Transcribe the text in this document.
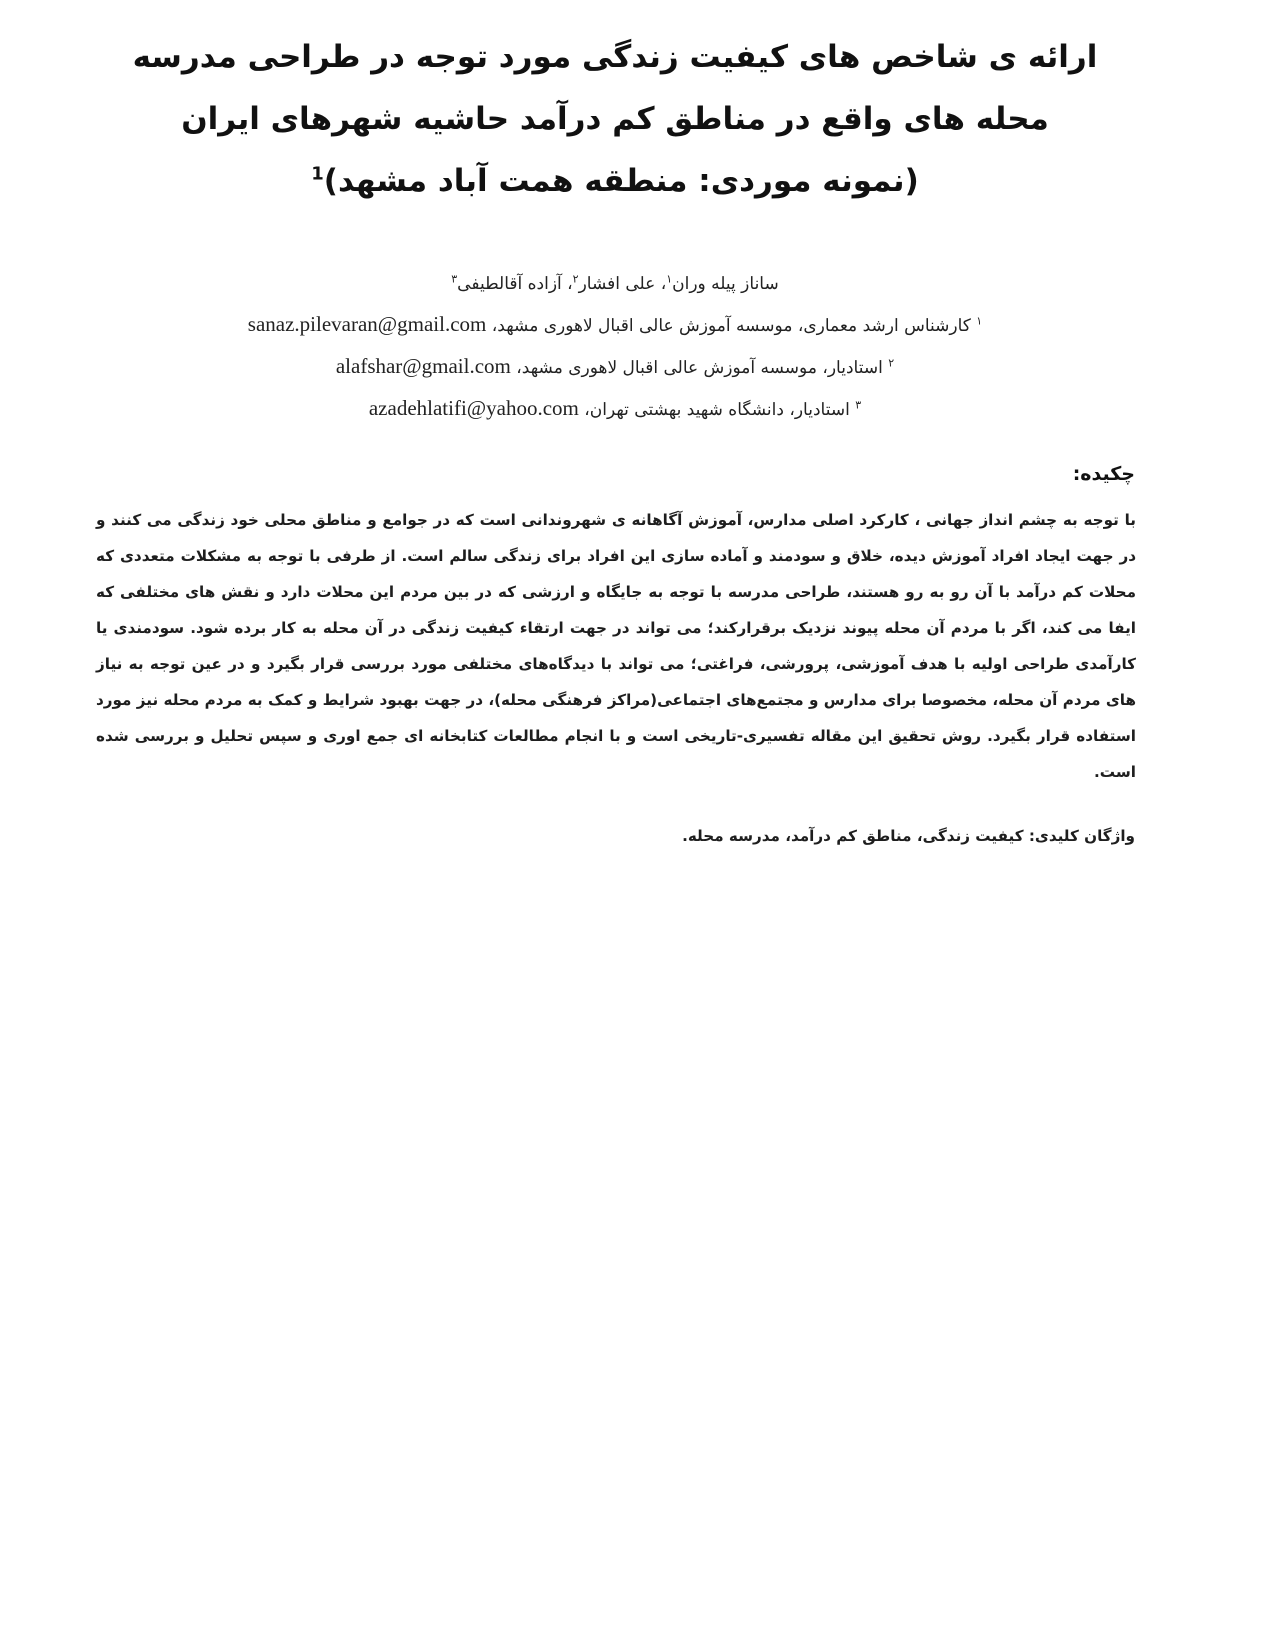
ارائه ی شاخص های کیفیت زندگی مورد توجه در طراحی مدرسه
محله های واقع در مناطق کم درآمد حاشیه شهرهای ایران
(نمونه موردی: منطقه همت آباد مشهد)$^1$
ساناز پیله وران$^۱$، علی افشار$^۲$، آزاده آقالطیفی$^۳$
$^۱$ کارشناس ارشد معماری، موسسه آموزش عالی اقبال لاهوری مشهد، sanaz.pilevaran@gmail.com
$^۲$ استادیار، موسسه آموزش عالی اقبال لاهوری مشهد، alafshar@gmail.com
$^۳$ استادیار، دانشگاه شهید بهشتی تهران، azadehlatifi@yahoo.com
چکیده:
با توجه به چشم انداز جهانی ، کارکرد اصلی مدارس، آموزش آگاهانه ی شهروندانی است که در جوامع و مناطق محلی خود زندگی می کنند و در جهت ایجاد افراد آموزش دیده، خلاق و سودمند و آماده سازی این افراد برای زندگی سالم است. از طرفی با توجه به مشکلات متعددی که محلات کم درآمد با آن رو به رو هستند، طراحی مدرسه با توجه به جایگاه و ارزشی که در بین مردم این محلات دارد و نقش های مختلفی که ایفا می کند، اگر با مردم آن محله پیوند نزدیک برقرارکند؛ می تواند در جهت ارتقاء کیفیت زندگی در آن محله به کار برده شود. سودمندی یا کارآمدی طراحی اولیه با هدف آموزشی، پرورشی، فراغتی؛ می تواند با دیدگاه‌های مختلفی مورد بررسی قرار بگیرد و در عین توجه به نیاز های مردم آن محله، مخصوصا برای مدارس و مجتمع‌های اجتماعی(مراکز فرهنگی محله)، در جهت بهبود شرایط و کمک به مردم محله نیز مورد استفاده قرار بگیرد. روش تحقیق این مقاله تفسیری-تاریخی است و با انجام مطالعات کتابخانه ای جمع اوری و سپس تحلیل و بررسی شده است.
واژگان کلیدی: کیفیت زندگی، مناطق کم درآمد، مدرسه محله.
